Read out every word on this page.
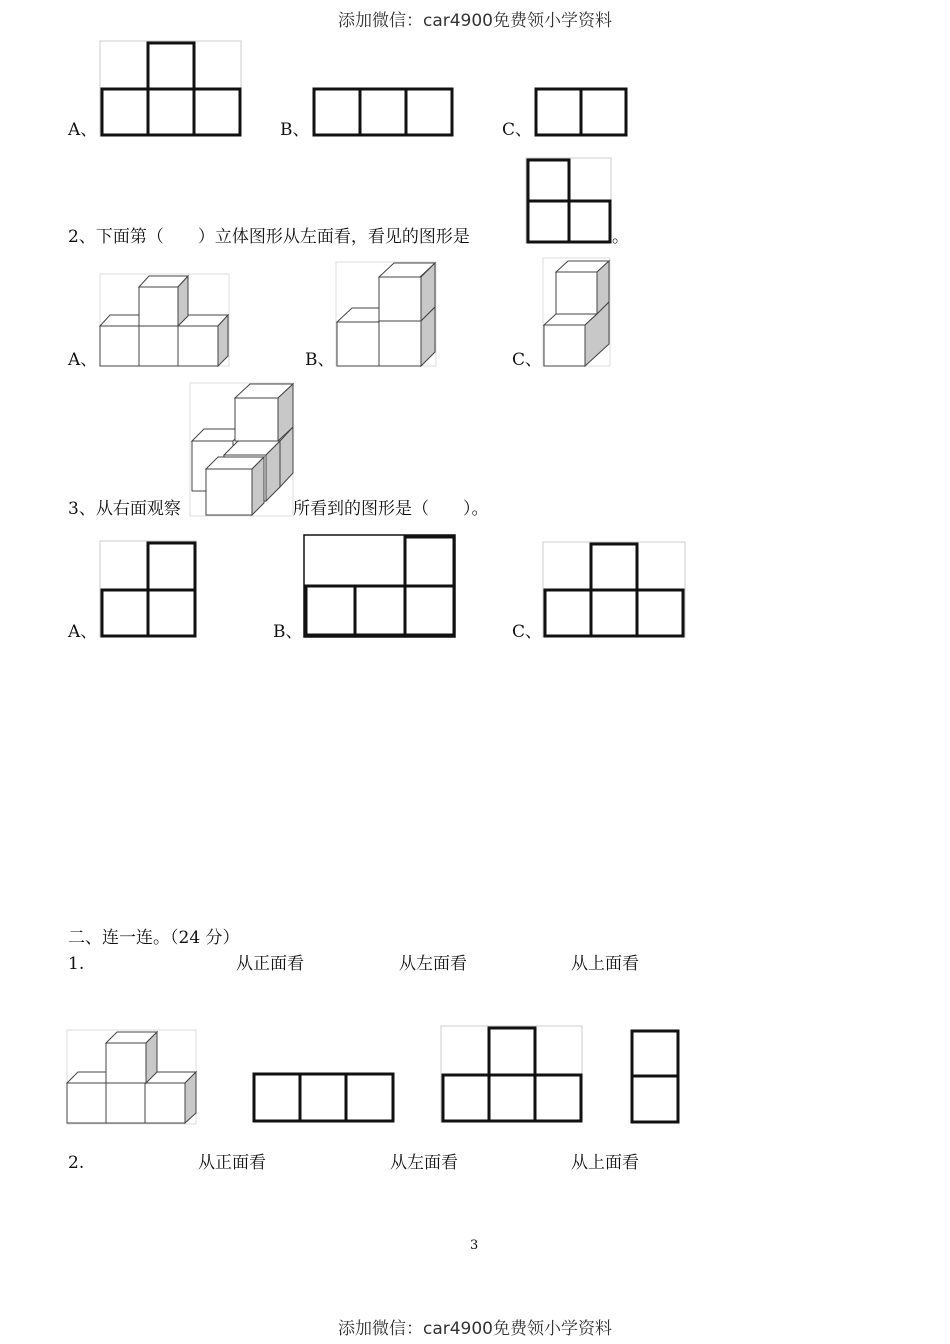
添加微信：car4900免费领小学资料
A、	B、	C、
2、下面第（　　）立体图形从左面看，看见的图形是	。
A、	B、	C、
3、从右面观察	所看到的图形是（　　）。
A、	B、	C、
二、连一连。（24 分）
1.	从正面看	从左面看	从上面看
2.	从正面看	从左面看	从上面看
3
添加微信：car4900免费领小学资料
